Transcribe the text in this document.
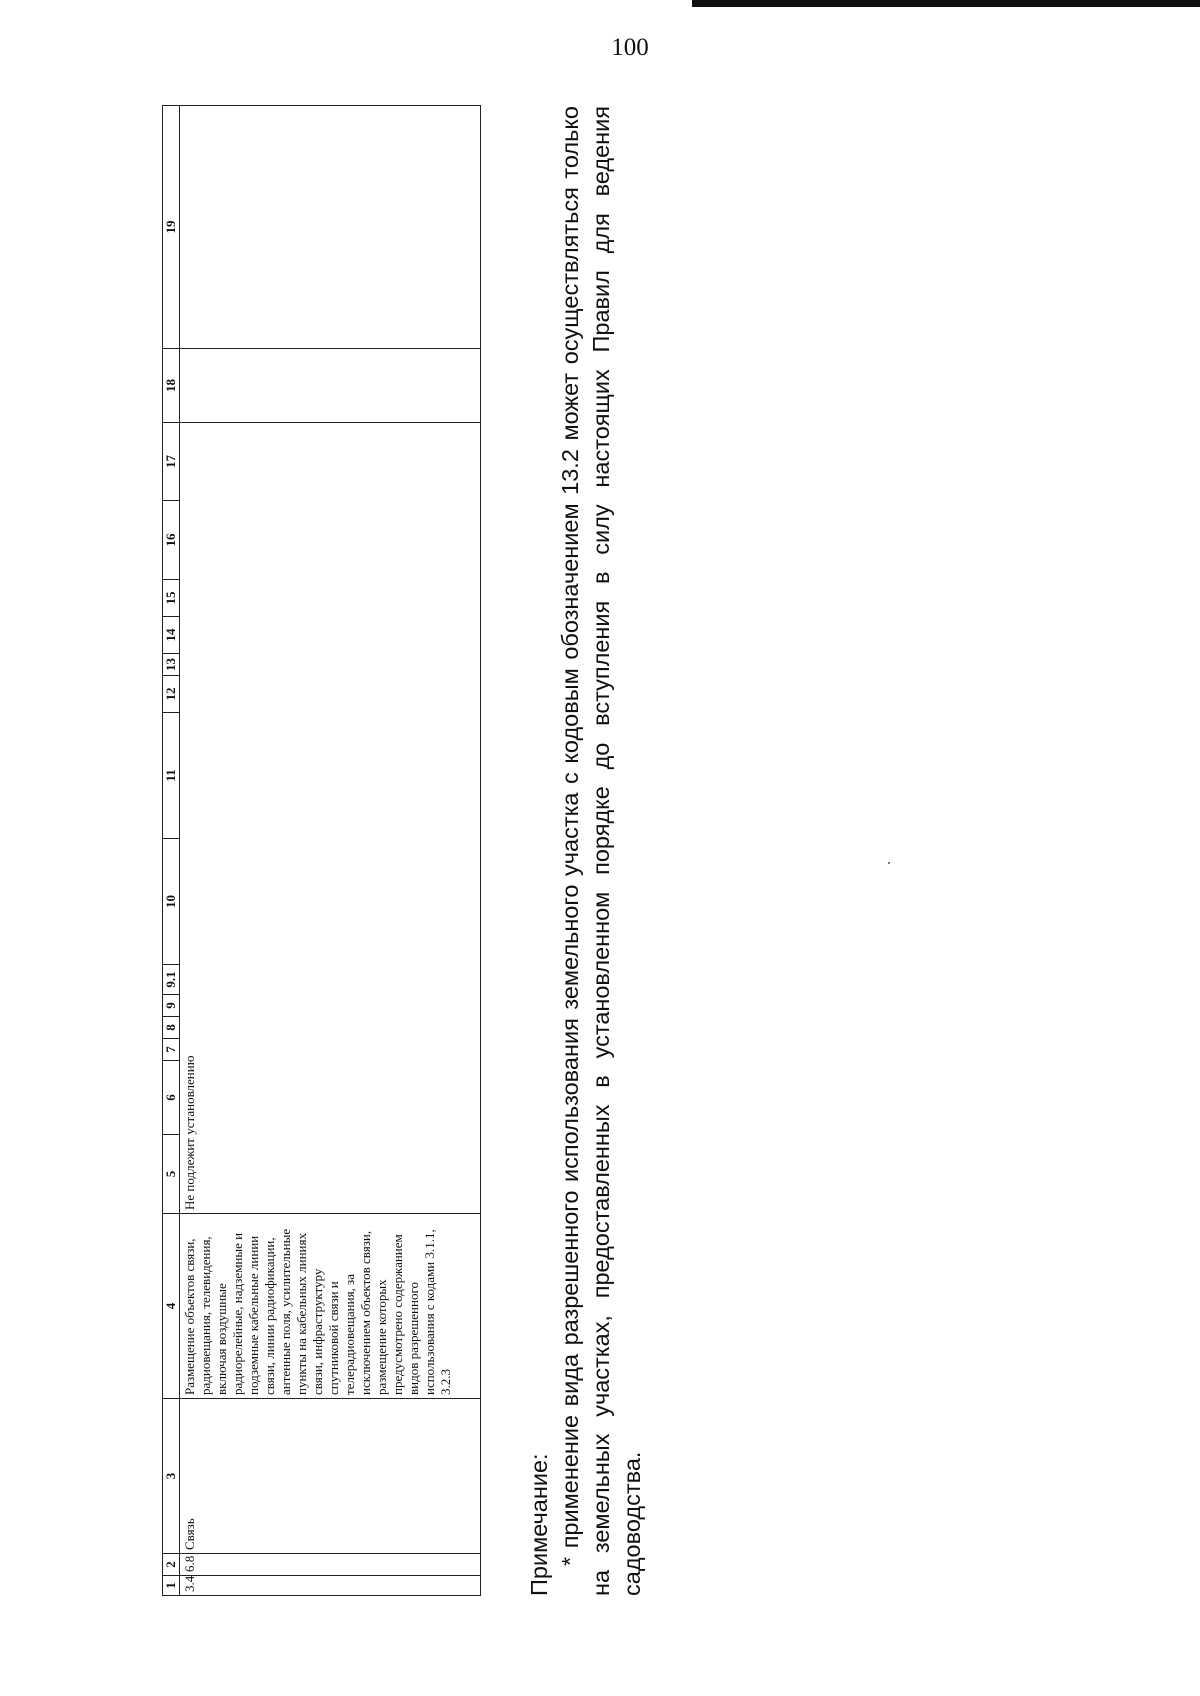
100
1	2	3	4	5	6	7	8	9	9.1	10	11	12	13	14	15	16	17	18	19
3.4	6.8	Связь	Размещение объектов связи, радиовещания, телевидения, включая воздушные радиорелейные, надземные и подземные кабельные линии связи, линии радиофикации, антенные поля, усилительные пункты на кабельных линиях связи, инфраструктуру спутниковой связи и телерадиовещания, за исключением объектов связи, размещение которых предусмотрено содержанием видов разрешенного использования с кодами 3.1.1, 3.2.3	Не подлежит установлению															
Примечание: * применение вида разрешенного использования земельного участка с кодовым обозначением 13.2 может осуществляться только на земельных участках, предоставленных в установленном порядке до вступления в силу настоящих Правил для ведения садоводства.
